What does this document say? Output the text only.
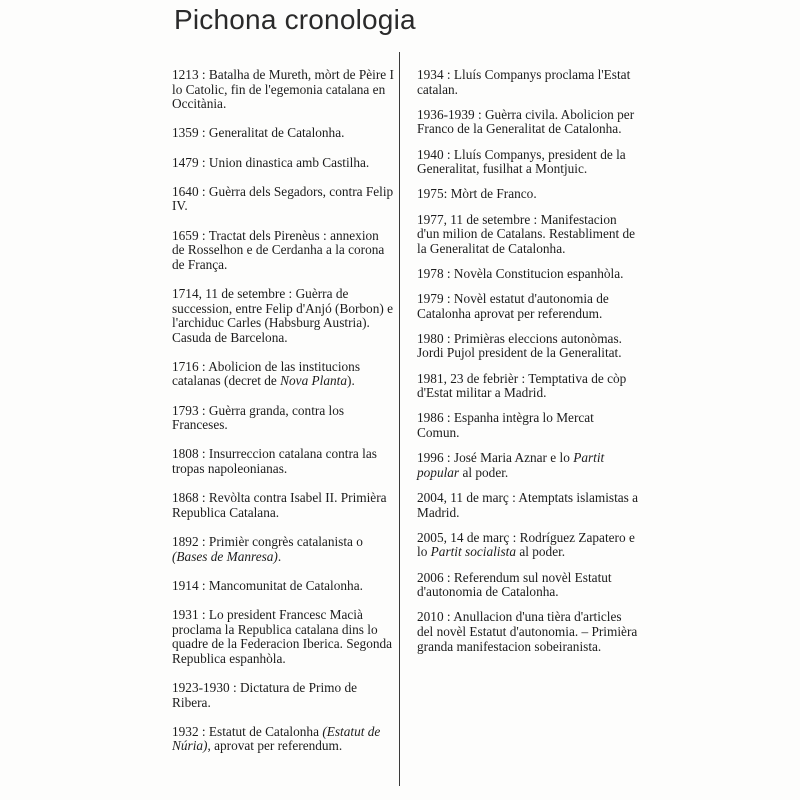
Pichona cronologia

1213 : Batalha de Mureth, mòrt de Pèire I lo Catolic, fin de l'egemonia catalana en Occitània.

1359 : Generalitat de Catalonha.

1479 : Union dinastica amb Castilha.

1640 : Guèrra dels Segadors, contra Felip IV.

1659 : Tractat dels Pirenèus : annexion de Rosselhon e de Cerdanha a la corona de França.

1714, 11 de setembre : Guèrra de succession, entre Felip d'Anjó (Borbon) e l'archiduc Carles (Habsburg Austria). Casuda de Barcelona.

1716 : Abolicion de las institucions catalanas (decret de Nova Planta).

1793 : Guèrra granda, contra los Franceses.

1808 : Insurreccion catalana contra las tropas napoleonianas.

1868 : Revòlta contra Isabel II. Primièra Republica Catalana.

1892 : Primièr congrès catalanista o (Bases de Manresa).

1914 : Mancomunitat de Catalonha.

1931 : Lo president Francesc Macià proclama la Republica catalana dins lo quadre de la Federacion Iberica. Segonda Republica espanhòla.

1923-1930 : Dictatura de Primo de Ribera.

1932 : Estatut de Catalonha (Estatut de Núria), aprovat per referendum.

1934 : Lluís Companys proclama l'Estat catalan.

1936-1939 : Guèrra civila. Abolicion per Franco de la Generalitat de Catalonha.

1940 : Lluís Companys, president de la Generalitat, fusilhat a Montjuic.

1975: Mòrt de Franco.

1977, 11 de setembre : Manifestacion d'un milion de Catalans. Restabliment de la Generalitat de Catalonha.

1978 : Novèla Constitucion espanhòla.

1979 : Novèl estatut d'autonomia de Catalonha aprovat per referendum.

1980 : Primièras eleccions autonòmas. Jordi Pujol president de la Generalitat.

1981, 23 de febrièr : Temptativa de còp d'Estat militar a Madrid.

1986 : Espanha intègra lo Mercat Comun.

1996 : José Maria Aznar e lo Partit popular al poder.

2004, 11 de març : Atemptats islamistas a Madrid.

2005, 14 de març : Rodríguez Zapatero e lo Partit socialista al poder.

2006 : Referendum sul novèl Estatut d'autonomia de Catalonha.

2010 : Anullacion d'una tièra d'articles del novèl Estatut d'autonomia. – Primièra granda manifestacion sobeiranista.
